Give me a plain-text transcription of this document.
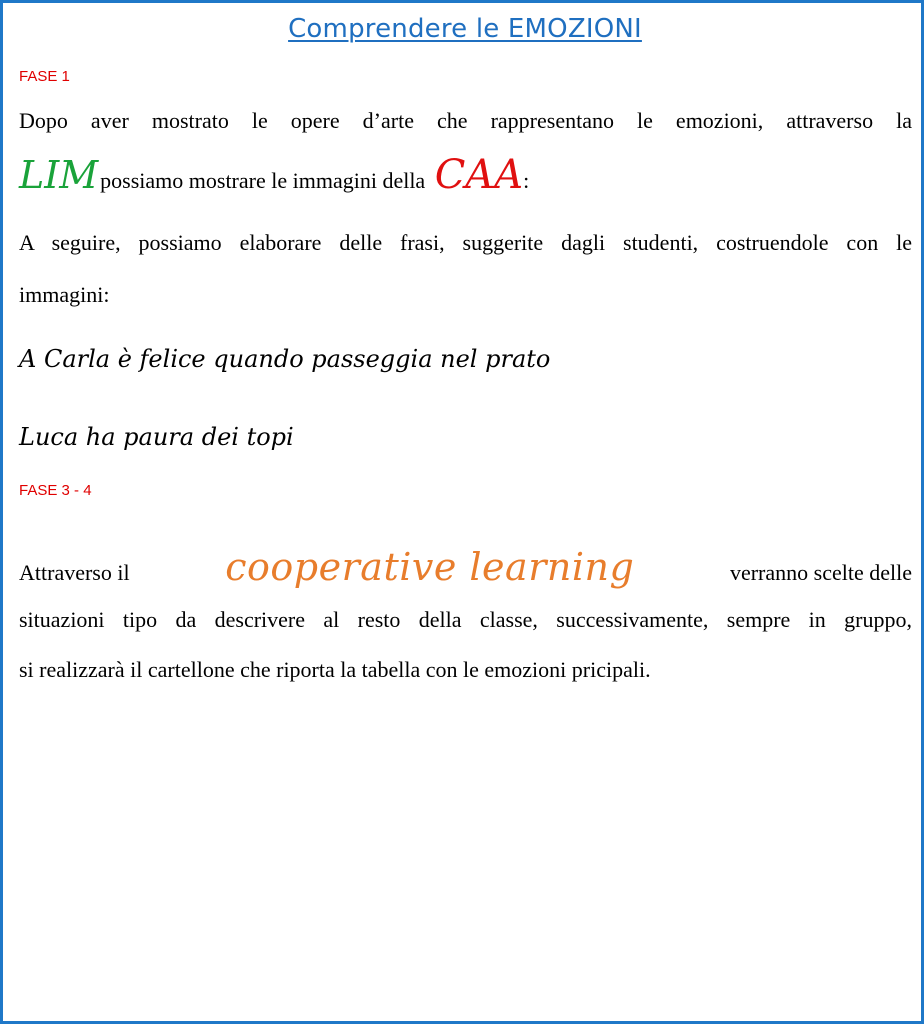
Comprendere le EMOZIONI
FASE 1
Dopo aver mostrato le opere d’arte che rappresentano le emozioni, attraverso la
LIMpossiamo mostrare le immagini della CAA:
A seguire, possiamo elaborare delle frasi, suggerite dagli studenti, costruendole con le
immagini:
A Carla è felice quando passeggia nel prato
Luca ha paura dei topi
FASE 3 - 4
Attraverso il	cooperative learning	verranno scelte delle
situazioni tipo da descrivere al resto della classe, successivamente, sempre in gruppo,
si realizzarà il cartellone che riporta la tabella con le emozioni pricipali.
